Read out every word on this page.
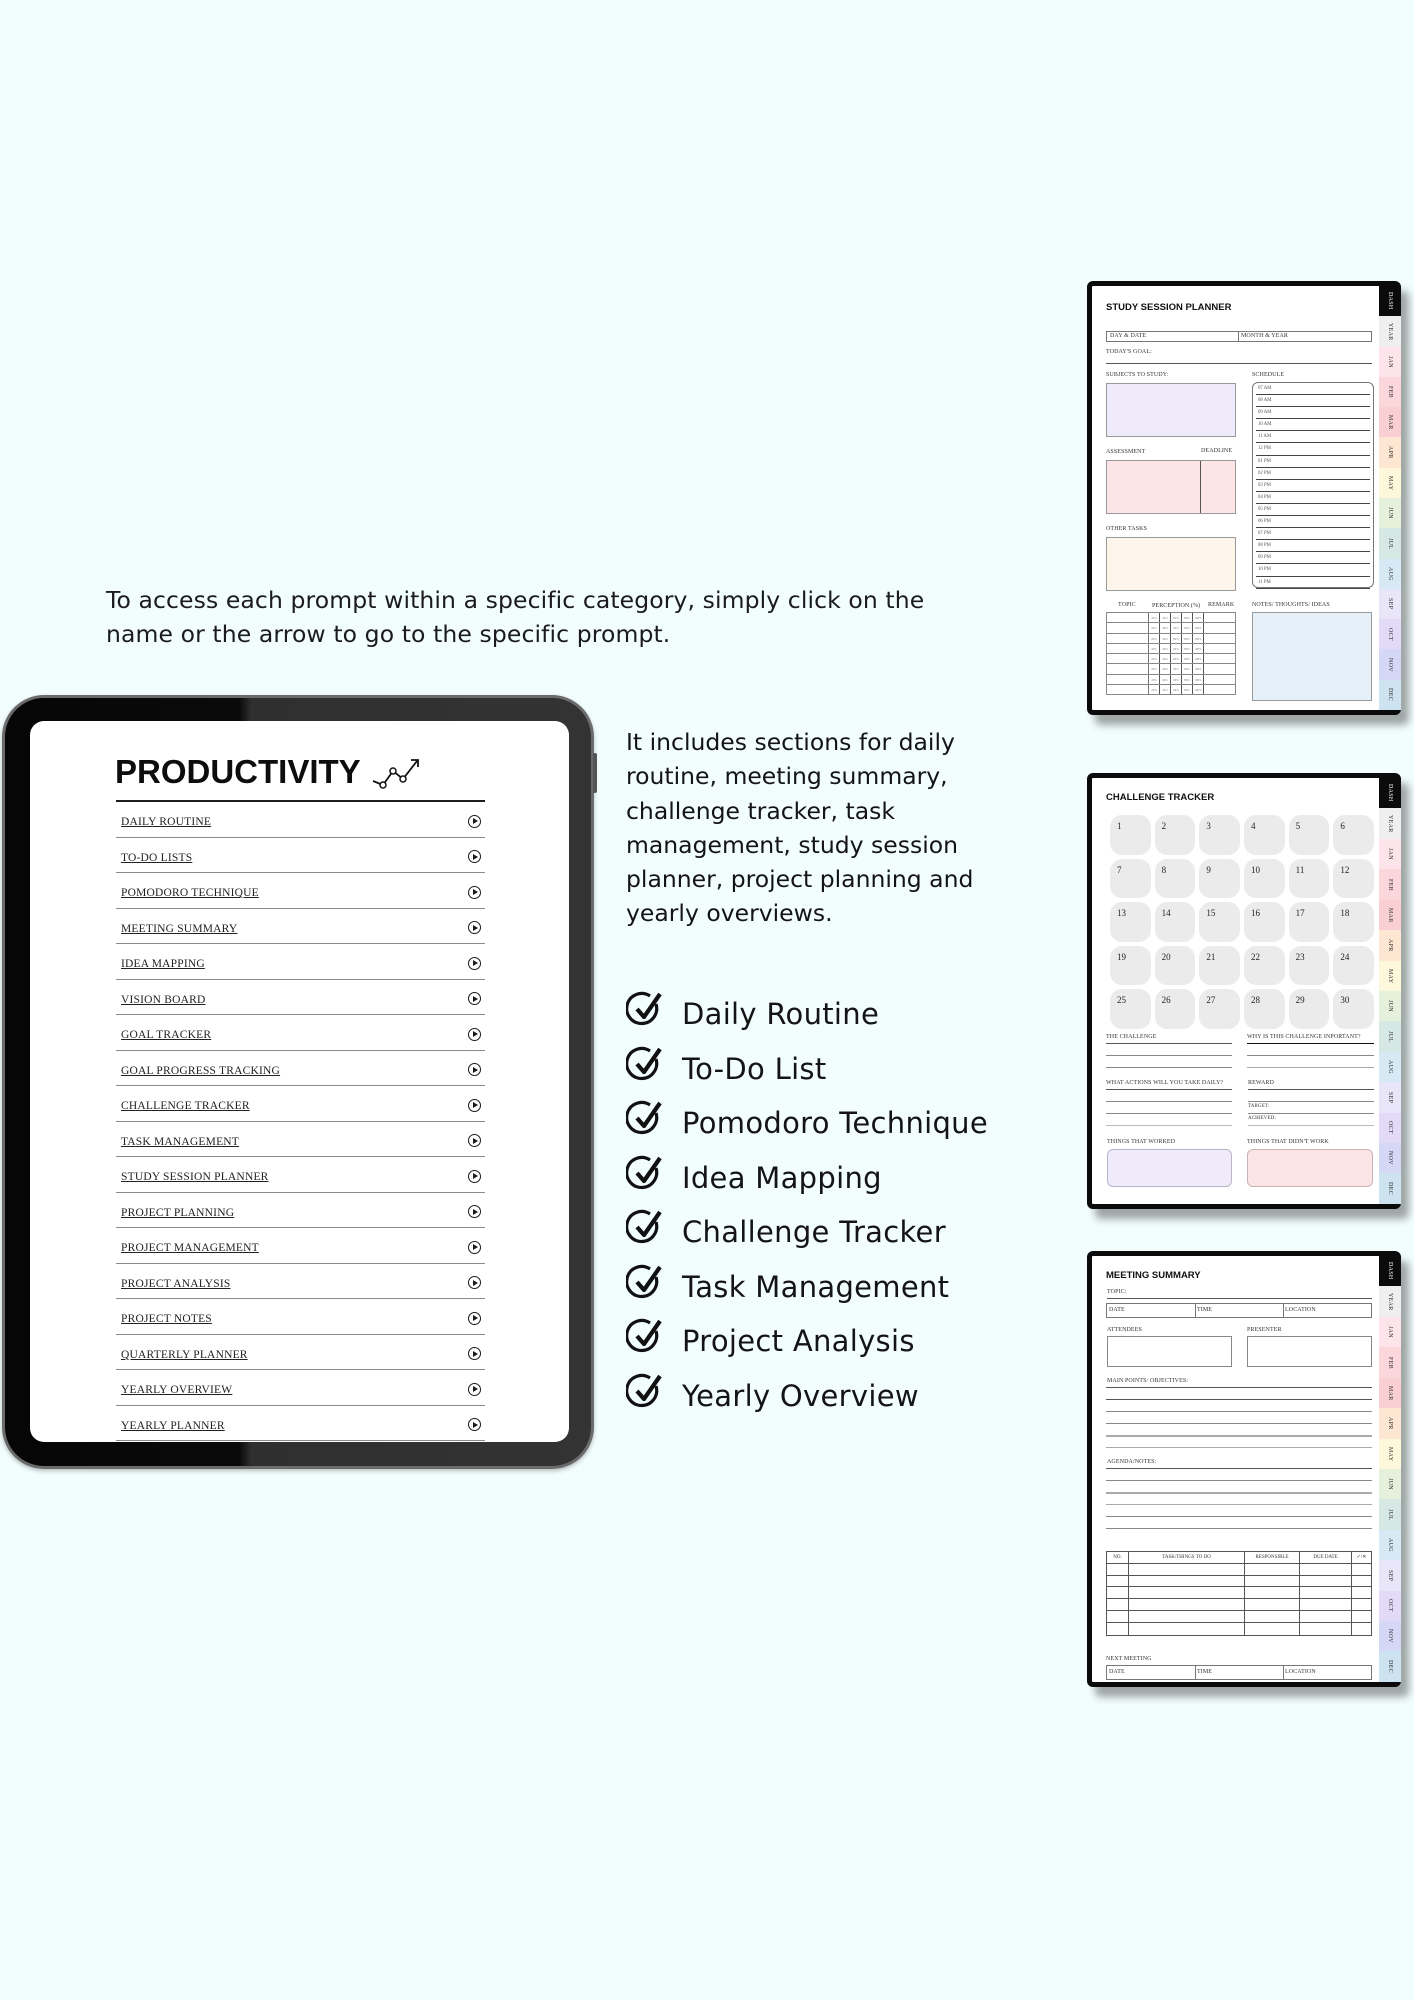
To access each prompt within a specific category, simply click on the name or the arrow to go to the specific prompt.
PRODUCTIVITY
DAILY ROUTINE
TO-DO LISTS
POMODORO TECHNIQUE
MEETING SUMMARY
IDEA MAPPING
VISION BOARD
GOAL TRACKER
GOAL PROGRESS TRACKING
CHALLENGE TRACKER
TASK MANAGEMENT
STUDY SESSION PLANNER
PROJECT PLANNING
PROJECT MANAGEMENT
PROJECT ANALYSIS
PROJECT NOTES
QUARTERLY PLANNER
YEARLY OVERVIEW
YEARLY PLANNER
It includes sections for daily routine, meeting summary, challenge tracker, task management, study session planner, project planning and yearly overviews.
Daily Routine
To-Do List
Pomodoro Technique
Idea Mapping
Challenge Tracker
Task Management
Project Analysis
Yearly Overview
STUDY SESSION PLANNER
DAY & DATE	MONTH & YEAR
TODAY'S GOAL:
SUBJECTS TO STUDY:
ASSESSMENT	DEADLINE
OTHER TASKS
SCHEDULE
07 AM
08 AM
09 AM
10 AM
11 AM
12 PM
01 PM
02 PM
03 PM
04 PM
05 PM
06 PM
07 PM
08 PM
09 PM
10 PM
11 PM
TOPIC	PERCEPTION (%) REMARK
20%	40%	60%	80%	100%
20%	40%	60%	80%	100%
20%	40%	60%	80%	100%
20%	40%	60%	80%	100%
20%	40%	60%	80%	100%
20%	40%	60%	80%	100%
20%	40%	60%	80%	100%
20%	40%	60%	80%	100%
NOTES/ THOUGHTS/ IDEAS
DASH
YEAR
JAN
FEB
MAR
APR
MAY
JUN
JUL
AUG
SEP
OCT
NOV
DEC
CHALLENGE TRACKER
1	2	3	4	5	6
7	8	9	10	11	12
13	14	15	16	17	18
19	20	21	22	23	24
25	26	27	28	29	30
THE CHALLENGE	WHY IS THIS CHALLENGE INPORTANT?
WHAT ACTIONS WILL YOU TAKE DAILY?	REWARD
TARGET:
ACHIEVED:
THINGS THAT WORKED	THINGS THAT DIDN'T WORK
DASH
YEAR
JAN
FEB
MAR
APR
MAY
JUN
JUL
AUG
SEP
OCT
NOV
DEC
MEETING SUMMARY
TOPIC:
DATE	TIME	LOCATION
ATTENDEES	PRESENTER
MAIN POINTS/ OBJECTIVES:
AGENDA/NOTES:
NO.	TASK/THINGS TO DO	RESPONSIBLE	DUE DATE	✓/✕
NEXT MEETING
DATE	TIME	LOCATION
DASH
YEAR
JAN
FEB
MAR
APR
MAY
JUN
JUL
AUG
SEP
OCT
NOV
DEC
